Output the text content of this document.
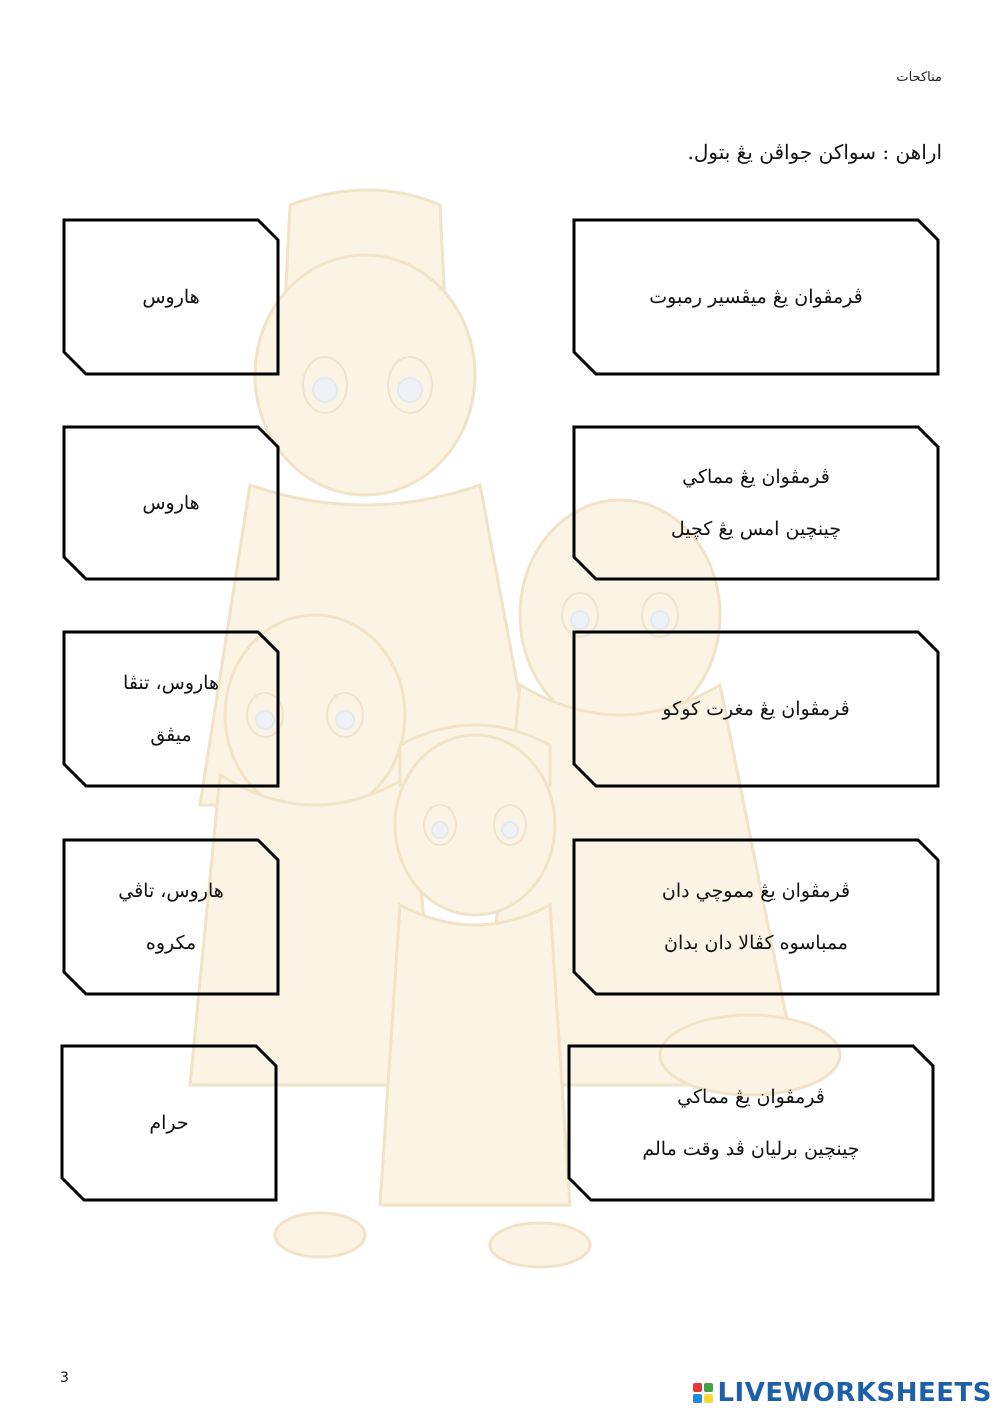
مناكحات
اراهن : سواكن جواڤن يڠ بتول.
هاروس
هاروس
هاروس، تنڤا
ميڤق
هاروس، تاڤي
مكروه
حرام
ڤرمڤوان يڠ ميڤسير رمبوت
ڤرمڤوان يڠ مماكي
چينچين امس يڠ كچيل
ڤرمڤوان يڠ مغرت كوكو
ڤرمڤوان يڠ مموچي دان
ممباسوه كڤالا دان بداڽ
ڤرمڤوان يڠ مماكي
چينچين برليان ڤد وقت مالم
3	LIVEWORKSHEETS
